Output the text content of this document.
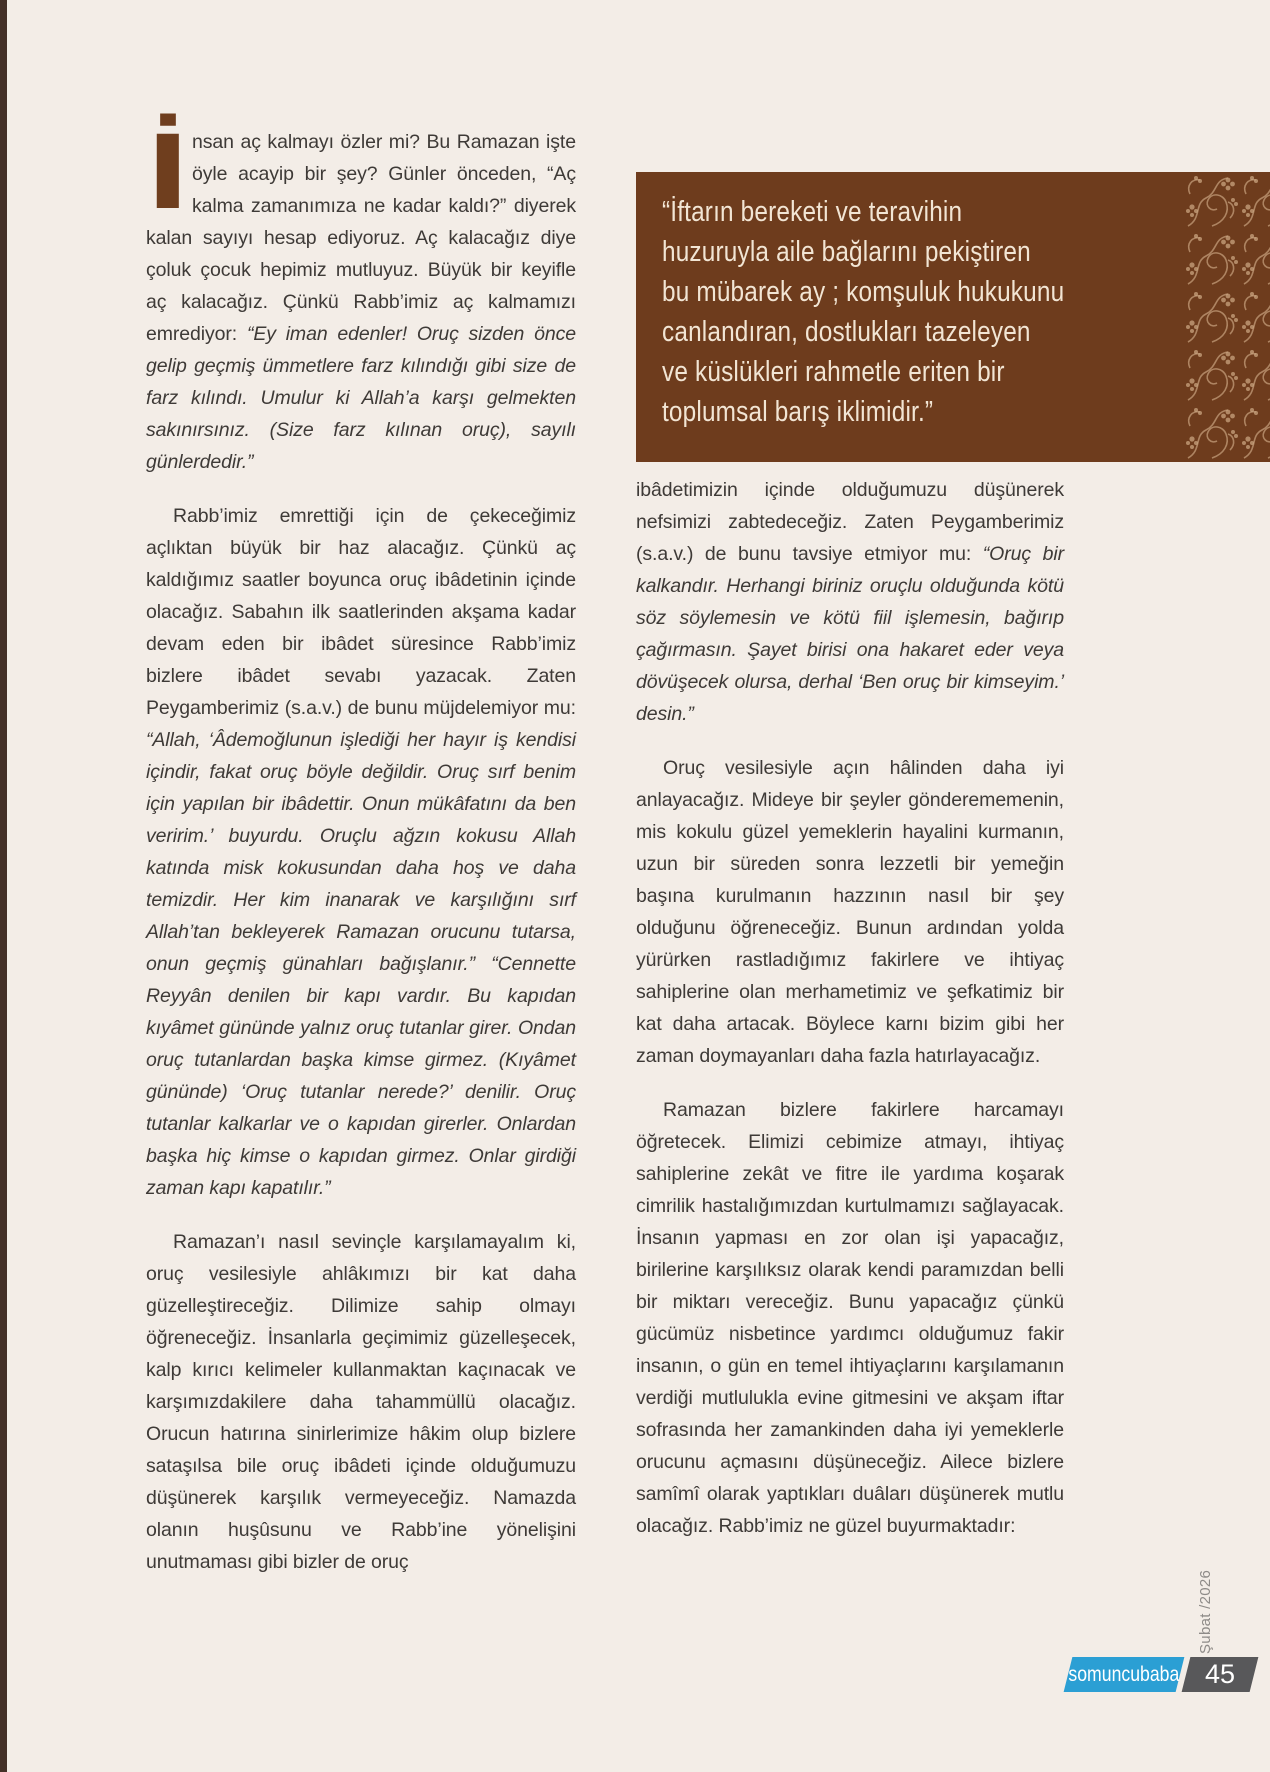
“İftarın bereketi ve teravihin
huzuruyla aile bağlarını pekiştiren
bu mübarek ay ; komşuluk hukukunu
canlandıran, dostlukları tazeleyen
ve küslükleri rahmetle eriten bir
toplumsal barış iklimidir.”

İnsan aç kalmayı özler mi? Bu Ramazan işte öyle acayip bir şey? Günler önceden, “Aç kalma zamanımıza ne kadar kaldı?” diyerek kalan sayıyı hesap ediyoruz. Aç kalacağız diye çoluk çocuk hepimiz mutluyuz. Büyük bir keyifle aç kalacağız. Çünkü Rabb’imiz aç kalmamızı emrediyor: “Ey iman edenler! Oruç sizden önce gelip geçmiş ümmetlere farz kılındığı gibi size de farz kılındı. Umulur ki Allah’a karşı gelmekten sakınırsınız. (Size farz kılınan oruç), sayılı günlerdedir.”

Rabb’imiz emrettiği için de çekeceğimiz açlıktan büyük bir haz alacağız. Çünkü aç kaldığımız saatler boyunca oruç ibâdetinin içinde olacağız. Sabahın ilk saatlerinden akşama kadar devam eden bir ibâdet süresince Rabb’imiz bizlere ibâdet sevabı yazacak. Zaten Peygamberimiz (s.a.v.) de bunu müjdelemiyor mu: “Allah, ‘Âdemoğlunun işlediği her hayır iş kendisi içindir, fakat oruç böyle değildir. Oruç sırf benim için yapılan bir ibâdettir. Onun mükâfatını da ben veririm.’ buyurdu. Oruçlu ağzın kokusu Allah katında misk kokusundan daha hoş ve daha temizdir. Her kim inanarak ve karşılığını sırf Allah’tan bekleyerek Ramazan orucunu tutarsa, onun geçmiş günahları bağışlanır.” “Cennette Reyyân denilen bir kapı vardır. Bu kapıdan kıyâmet gününde yalnız oruç tutanlar girer. Ondan oruç tutanlardan başka kimse girmez. (Kıyâmet gününde) ‘Oruç tutanlar nerede?’ denilir. Oruç tutanlar kalkarlar ve o kapıdan girerler. Onlardan başka hiç kimse o kapıdan girmez. Onlar girdiği zaman kapı kapatılır.”

Ramazan’ı nasıl sevinçle karşılamayalım ki, oruç vesilesiyle ahlâkımızı bir kat daha güzelleştireceğiz. Dilimize sahip olmayı öğreneceğiz. İnsanlarla geçimimiz güzelleşecek, kalp kırıcı kelimeler kullanmaktan kaçınacak ve karşımızdakilere daha tahammüllü olacağız. Orucun hatırına sinirlerimize hâkim olup bizlere sataşılsa bile oruç ibâdeti içinde olduğumuzu düşünerek karşılık vermeyeceğiz. Namazda olanın huşûsunu ve Rabb’ine yönelişini unutmaması gibi bizler de oruç

ibâdetimizin içinde olduğumuzu düşünerek nefsimizi zabtedeceğiz. Zaten Peygamberimiz (s.a.v.) de bunu tavsiye etmiyor mu: “Oruç bir kalkandır. Herhangi biriniz oruçlu olduğunda kötü söz söylemesin ve kötü fiil işlemesin, bağırıp çağırmasın. Şayet birisi ona hakaret eder veya dövüşecek olursa, derhal ‘Ben oruç bir kimseyim.’ desin.”

Oruç vesilesiyle açın hâlinden daha iyi anlayacağız. Mideye bir şeyler gönderememenin, mis kokulu güzel yemeklerin hayalini kurmanın, uzun bir süreden sonra lezzetli bir yemeğin başına kurulmanın hazzının nasıl bir şey olduğunu öğreneceğiz. Bunun ardından yolda yürürken rastladığımız fakirlere ve ihtiyaç sahiplerine olan merhametimiz ve şefkatimiz bir kat daha artacak. Böylece karnı bizim gibi her zaman doymayanları daha fazla hatırlayacağız.

Ramazan bizlere fakirlere harcamayı öğretecek. Elimizi cebimize atmayı, ihtiyaç sahiplerine zekât ve fitre ile yardıma koşarak cimrilik hastalığımızdan kurtulmamızı sağlayacak. İnsanın yapması en zor olan işi yapacağız, birilerine karşılıksız olarak kendi paramızdan belli bir miktarı vereceğiz. Bunu yapacağız çünkü gücümüz nisbetince yardımcı olduğumuz fakir insanın, o gün en temel ihtiyaçlarını karşılamanın verdiği mutlulukla evine gitmesini ve akşam iftar sofrasında her zamankinden daha iyi yemeklerle orucunu açmasını düşüneceğiz. Ailece bizlere samîmî olarak yaptıkları duâları düşünerek mutlu olacağız. Rabb’imiz ne güzel buyurmaktadır:

Şubat /2026
somuncubaba 45
